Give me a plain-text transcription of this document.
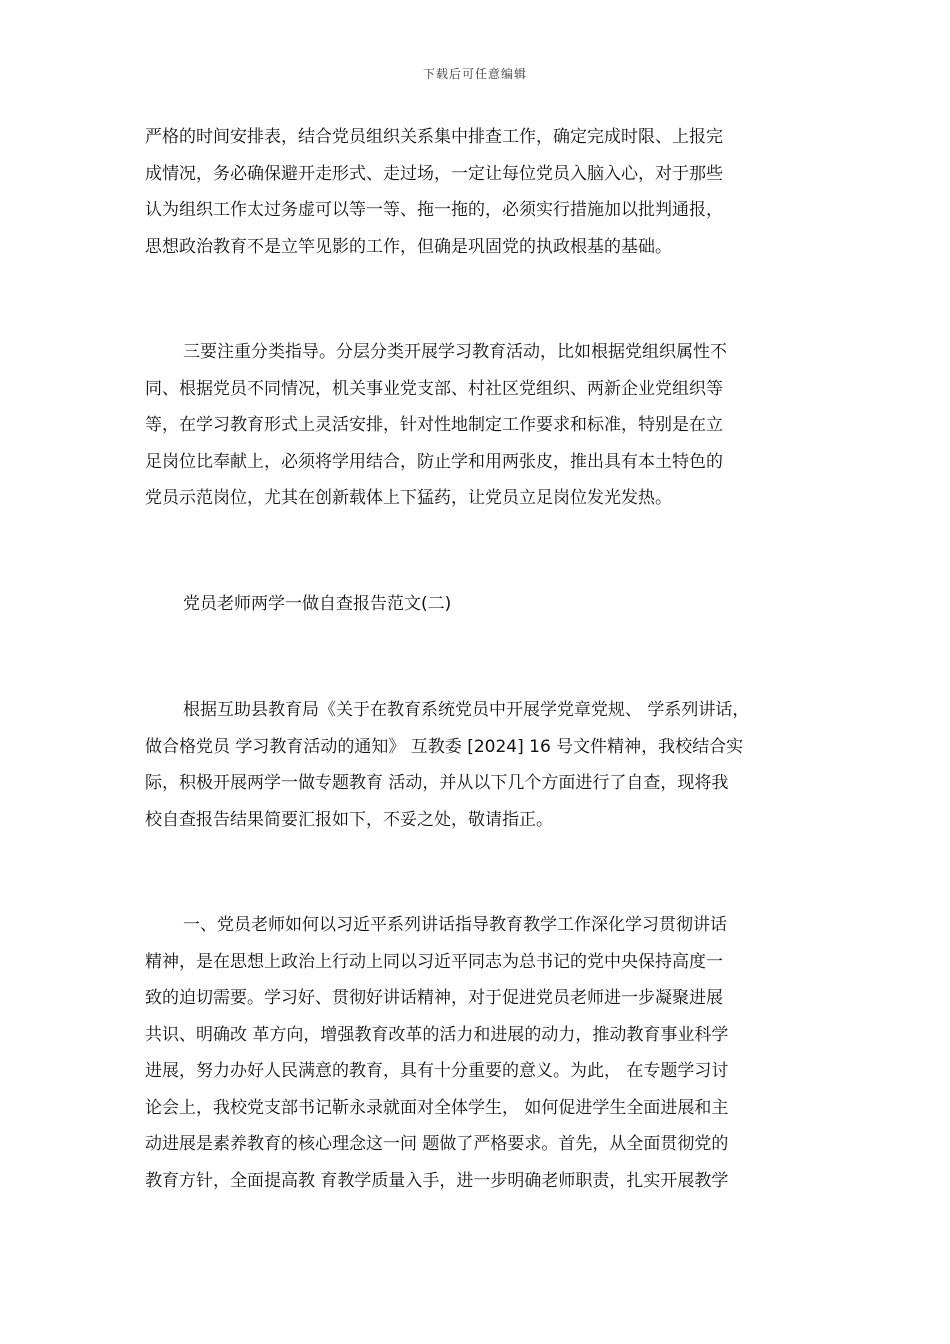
下载后可任意编辑
严格的时间安排表，结合党员组织关系集中排查工作，确定完成时限、上报完
成情况，务必确保避开走形式、走过场，一定让每位党员入脑入心，对于那些
认为组织工作太过务虚可以等一等、拖一拖的，必须实行措施加以批判通报，
思想政治教育不是立竿见影的工作，但确是巩固党的执政根基的基础。
三要注重分类指导。分层分类开展学习教育活动，比如根据党组织属性不
同、根据党员不同情况，机关事业党支部、村社区党组织、两新企业党组织等
等，在学习教育形式上灵活安排，针对性地制定工作要求和标准，特别是在立
足岗位比奉献上，必须将学用结合，防止学和用两张皮，推出具有本土特色的
党员示范岗位，尤其在创新载体上下猛药，让党员立足岗位发光发热。
党员老师两学一做自查报告范文(二)
根据互助县教育局《关于在教育系统党员中开展学党章党规、 学系列讲话，
做合格党员 学习教育活动的通知》 互教委 [2024] 16 号文件精神，我校结合实
际，积极开展两学一做专题教育 活动，并从以下几个方面进行了自查，现将我
校自查报告结果简要汇报如下，不妥之处，敬请指正。
一、党员老师如何以习近平系列讲话指导教育教学工作深化学习贯彻讲话
精神，是在思想上政治上行动上同以习近平同志为总书记的党中央保持高度一
致的迫切需要。学习好、贯彻好讲话精神，对于促进党员老师进一步凝聚进展
共识、明确改 革方向，增强教育改革的活力和进展的动力，推动教育事业科学
进展，努力办好人民满意的教育，具有十分重要的意义。为此， 在专题学习讨
论会上，我校党支部书记靳永录就面对全体学生， 如何促进学生全面进展和主
动进展是素养教育的核心理念这一问 题做了严格要求。首先，从全面贯彻党的
教育方针，全面提高教 育教学质量入手，进一步明确老师职责，扎实开展教学
